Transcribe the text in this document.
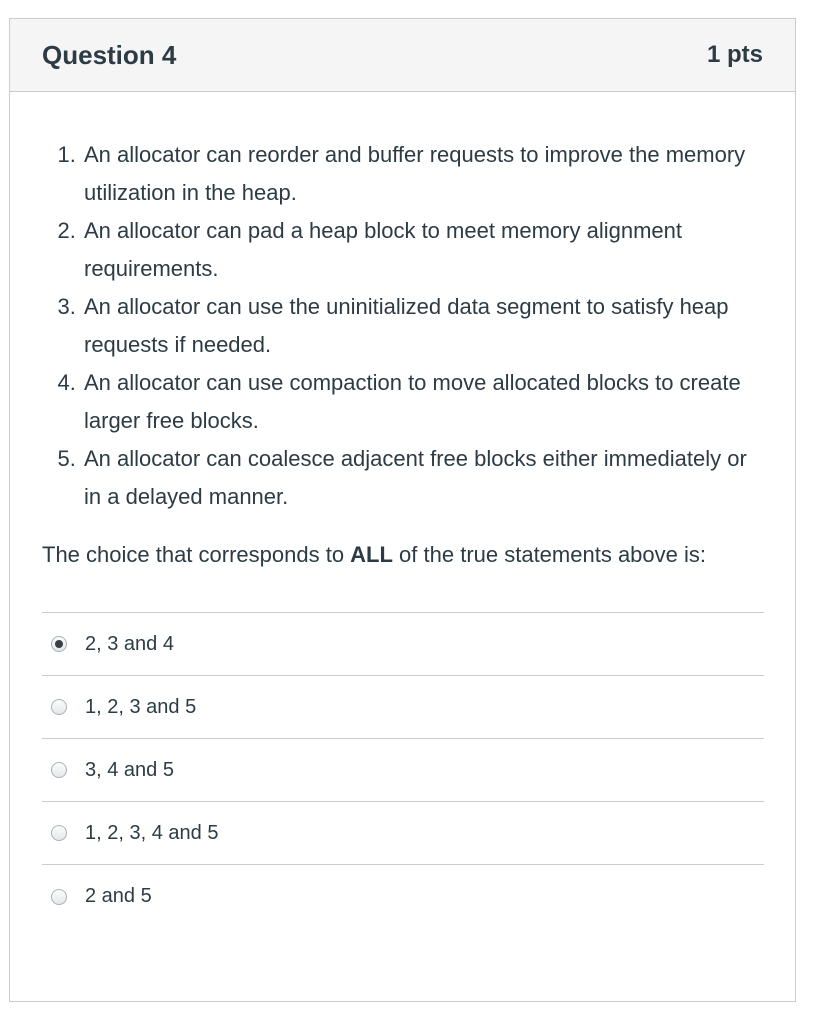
Question 4	1 pts
1. An allocator can reorder and buffer requests to improve the memory utilization in the heap.
2. An allocator can pad a heap block to meet memory alignment requirements.
3. An allocator can use the uninitialized data segment to satisfy heap requests if needed.
4. An allocator can use compaction to move allocated blocks to create larger free blocks.
5. An allocator can coalesce adjacent free blocks either immediately or in a delayed manner.
The choice that corresponds to ALL of the true statements above is:
2, 3 and 4
1, 2, 3 and 5
3, 4 and 5
1, 2, 3, 4 and 5
2 and 5
